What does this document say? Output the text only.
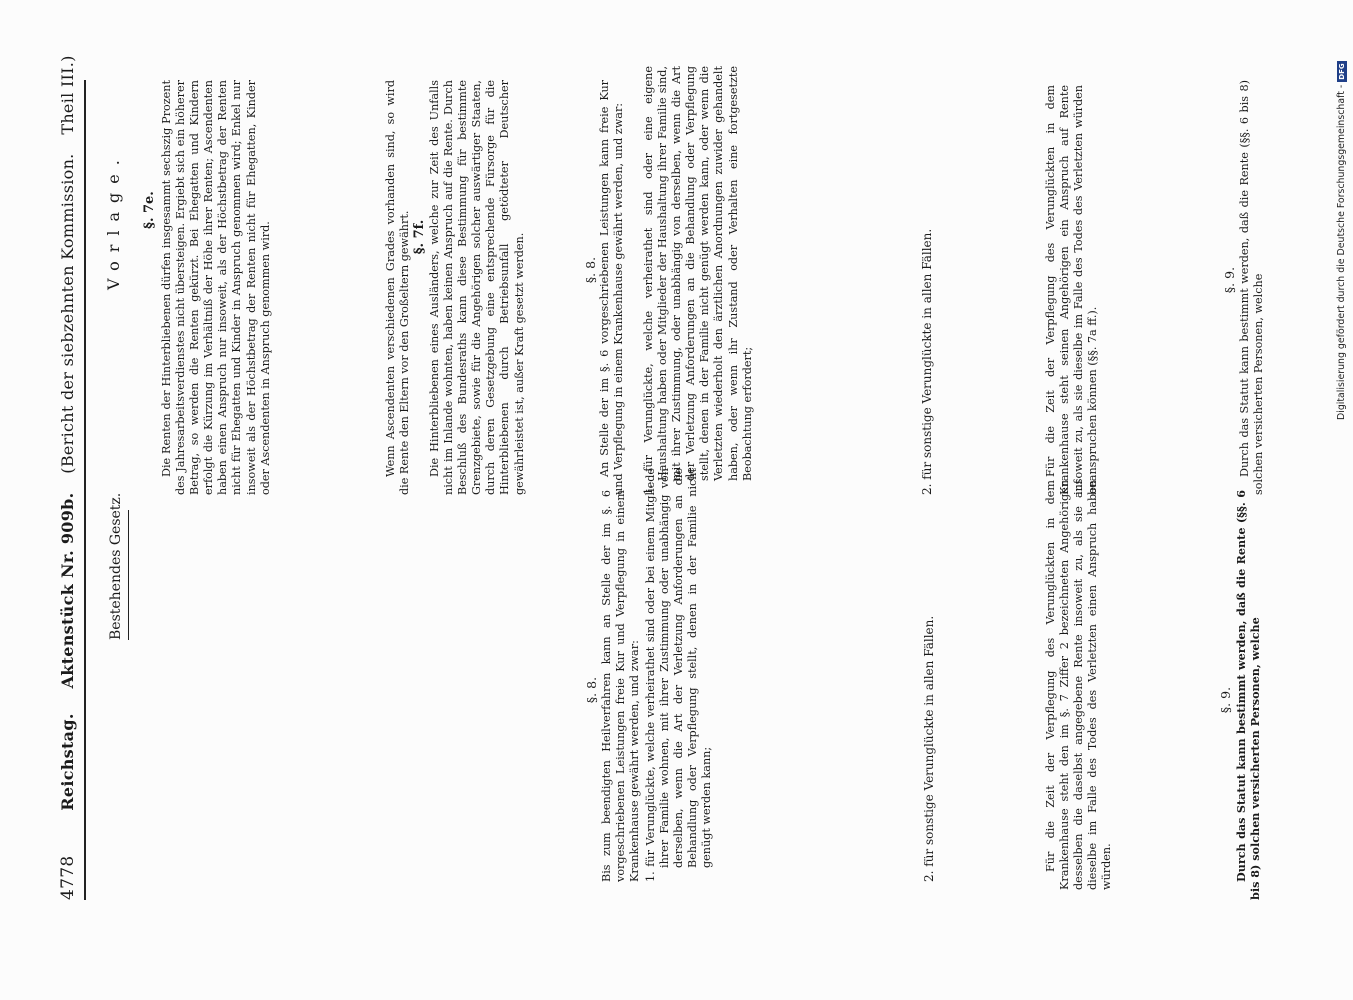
4778  Reichstag.  Aktenstück Nr. 909b.  (Bericht der siebzehnten Kommission.  Theil III.)
Bestehendes Gesetz.
§. 8. Bis zum beendigten Heilverfahren kann an Stelle der im §. 6 vorgeschriebenen Leistungen freie Kur und Verpflegung in einem Krankenhause gewährt werden, und zwar: 1. für Verunglückte, welche verheirathet sind oder bei einem Mitgliede ihrer Familie wohnen, mit ihrer Zustimmung oder unabhängig von derselben, wenn die Art der Verletzung Anforderungen an die Behandlung oder Verpflegung stellt, denen in der Familie nicht genügt werden kann;	2. für sonstige Verunglückte in allen Fällen.	Für die Zeit der Verpflegung des Verunglückten in dem Krankenhause steht den im §. 7 Ziffer 2 bezeichneten Angehörigen desselben die daselbst angegebene Rente insoweit zu, als sie auf dieselbe im Falle des Todes des Verletzten einen Anspruch haben würden.
§. 9. Durch das Statut kann bestimmt werden, daß die Rente (§§. 6 bis 8) solchen versicherten Personen, welche
Vorlage. §. 7e. Die Renten der Hinterbliebenen dürfen insgesammt sechszig Prozent des Jahresarbeitsverdienstes nicht übersteigen. Ergiebt sich ein höherer Betrag, so werden die Renten gekürzt. Bei Ehegatten und Kindern erfolgt die Kürzung im Verhältniß der Höhe ihrer Renten; Ascendenten haben einen Anspruch nur insoweit, als der Höchstbetrag der Renten nicht für Ehegatten und Kinder in Anspruch genommen wird; Enkel nur insoweit als der Höchstbetrag der Renten nicht für Ehegatten, Kinder oder Ascendenten in Anspruch genommen wird.	Wenn Ascendenten verschiedenen Grades vorhanden sind, so wird die Rente den Eltern vor den Großeltern gewährt. §. 7f. Die Hinterbliebenen eines Ausländers, welche zur Zeit des Unfalls nicht im Inlande wohnten, haben keinen Anspruch auf die Rente. Durch Beschluß des Bundesraths kann diese Bestimmung für bestimmte Grenzgebiete, sowie für die Angehörigen solcher auswärtiger Staaten, durch deren Gesetzgebung eine entsprechende Fürsorge für die Hinterbliebenen durch Betriebsunfall getödteter Deutscher gewährleistet ist, außer Kraft gesetzt werden.	§. 8. An Stelle der im §. 6 vorgeschriebenen Leistungen kann freie Kur und Verpflegung in einem Krankenhause gewährt werden, und zwar: 1. für Verunglückte, welche verheirathet sind oder eine eigene Haushaltung haben oder Mitglieder der Haushaltung ihrer Familie sind, mit ihrer Zustimmung, oder unabhängig von derselben, wenn die Art der Verletzung Anforderungen an die Behandlung oder Verpflegung stellt, denen in der Familie nicht genügt werden kann, oder wenn die Verletzten wiederholt den ärztlichen Anordnungen zuwider gehandelt haben, oder wenn ihr Zustand oder Verhalten eine fortgesetzte Beobachtung erfordert;	2. für sonstige Verunglückte in allen Fällen.	Für die Zeit der Verpflegung des Verunglückten in dem Krankenhause steht seinen Angehörigen ein Anspruch auf Rente insoweit zu, als sie dieselbe im Falle des Todes des Verletzten würden beanspruchen können (§§. 7a ff.).
§. 9. Durch das Statut kann bestimmt werden, daß die Rente (§§. 6 bis 8) solchen versicherten Personen, welche	Digitalisierung gefördert durch die Deutsche Forschungsgemeinschaft - DFG
